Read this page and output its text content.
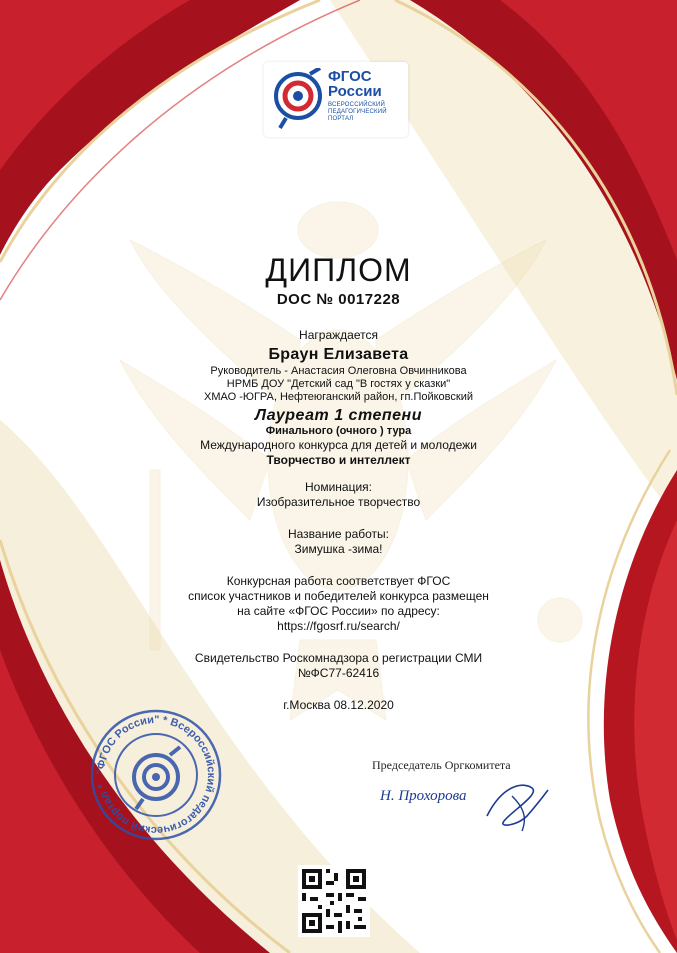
ФГОС
России
ВСЕРОССИЙСКИЙ ПЕДАГОГИЧЕСКИЙ ПОРТАЛ
ДИПЛОМ
DOC № 0017228
Награждается
Браун Елизавета
Руководитель - Анастасия Олеговна Овчинникова
НРМБ ДОУ "Детский сад "В гостях у сказки"
ХМАО -ЮГРА, Нефтеюганский район, гп.Пойковский
Лауреат 1 степени
Финального (очного ) тура
Международного конкурса для детей и молодежи
Творчество и интеллект
Номинация:
Изобразительное творчество
Название работы:
Зимушка -зима!
Конкурсная работа соответствует ФГОС
список участников и победителей конкурса размещен
на сайте «ФГОС России» по адресу:
https://fgosrf.ru/search/
Свидетельство Роскомнадзора о регистрации СМИ
№ФС77-62416
г.Москва 08.12.2020
"ФГОС России" * Всероссийский педагогический портал *
Председатель Оргкомитета
Н. Прохорова
